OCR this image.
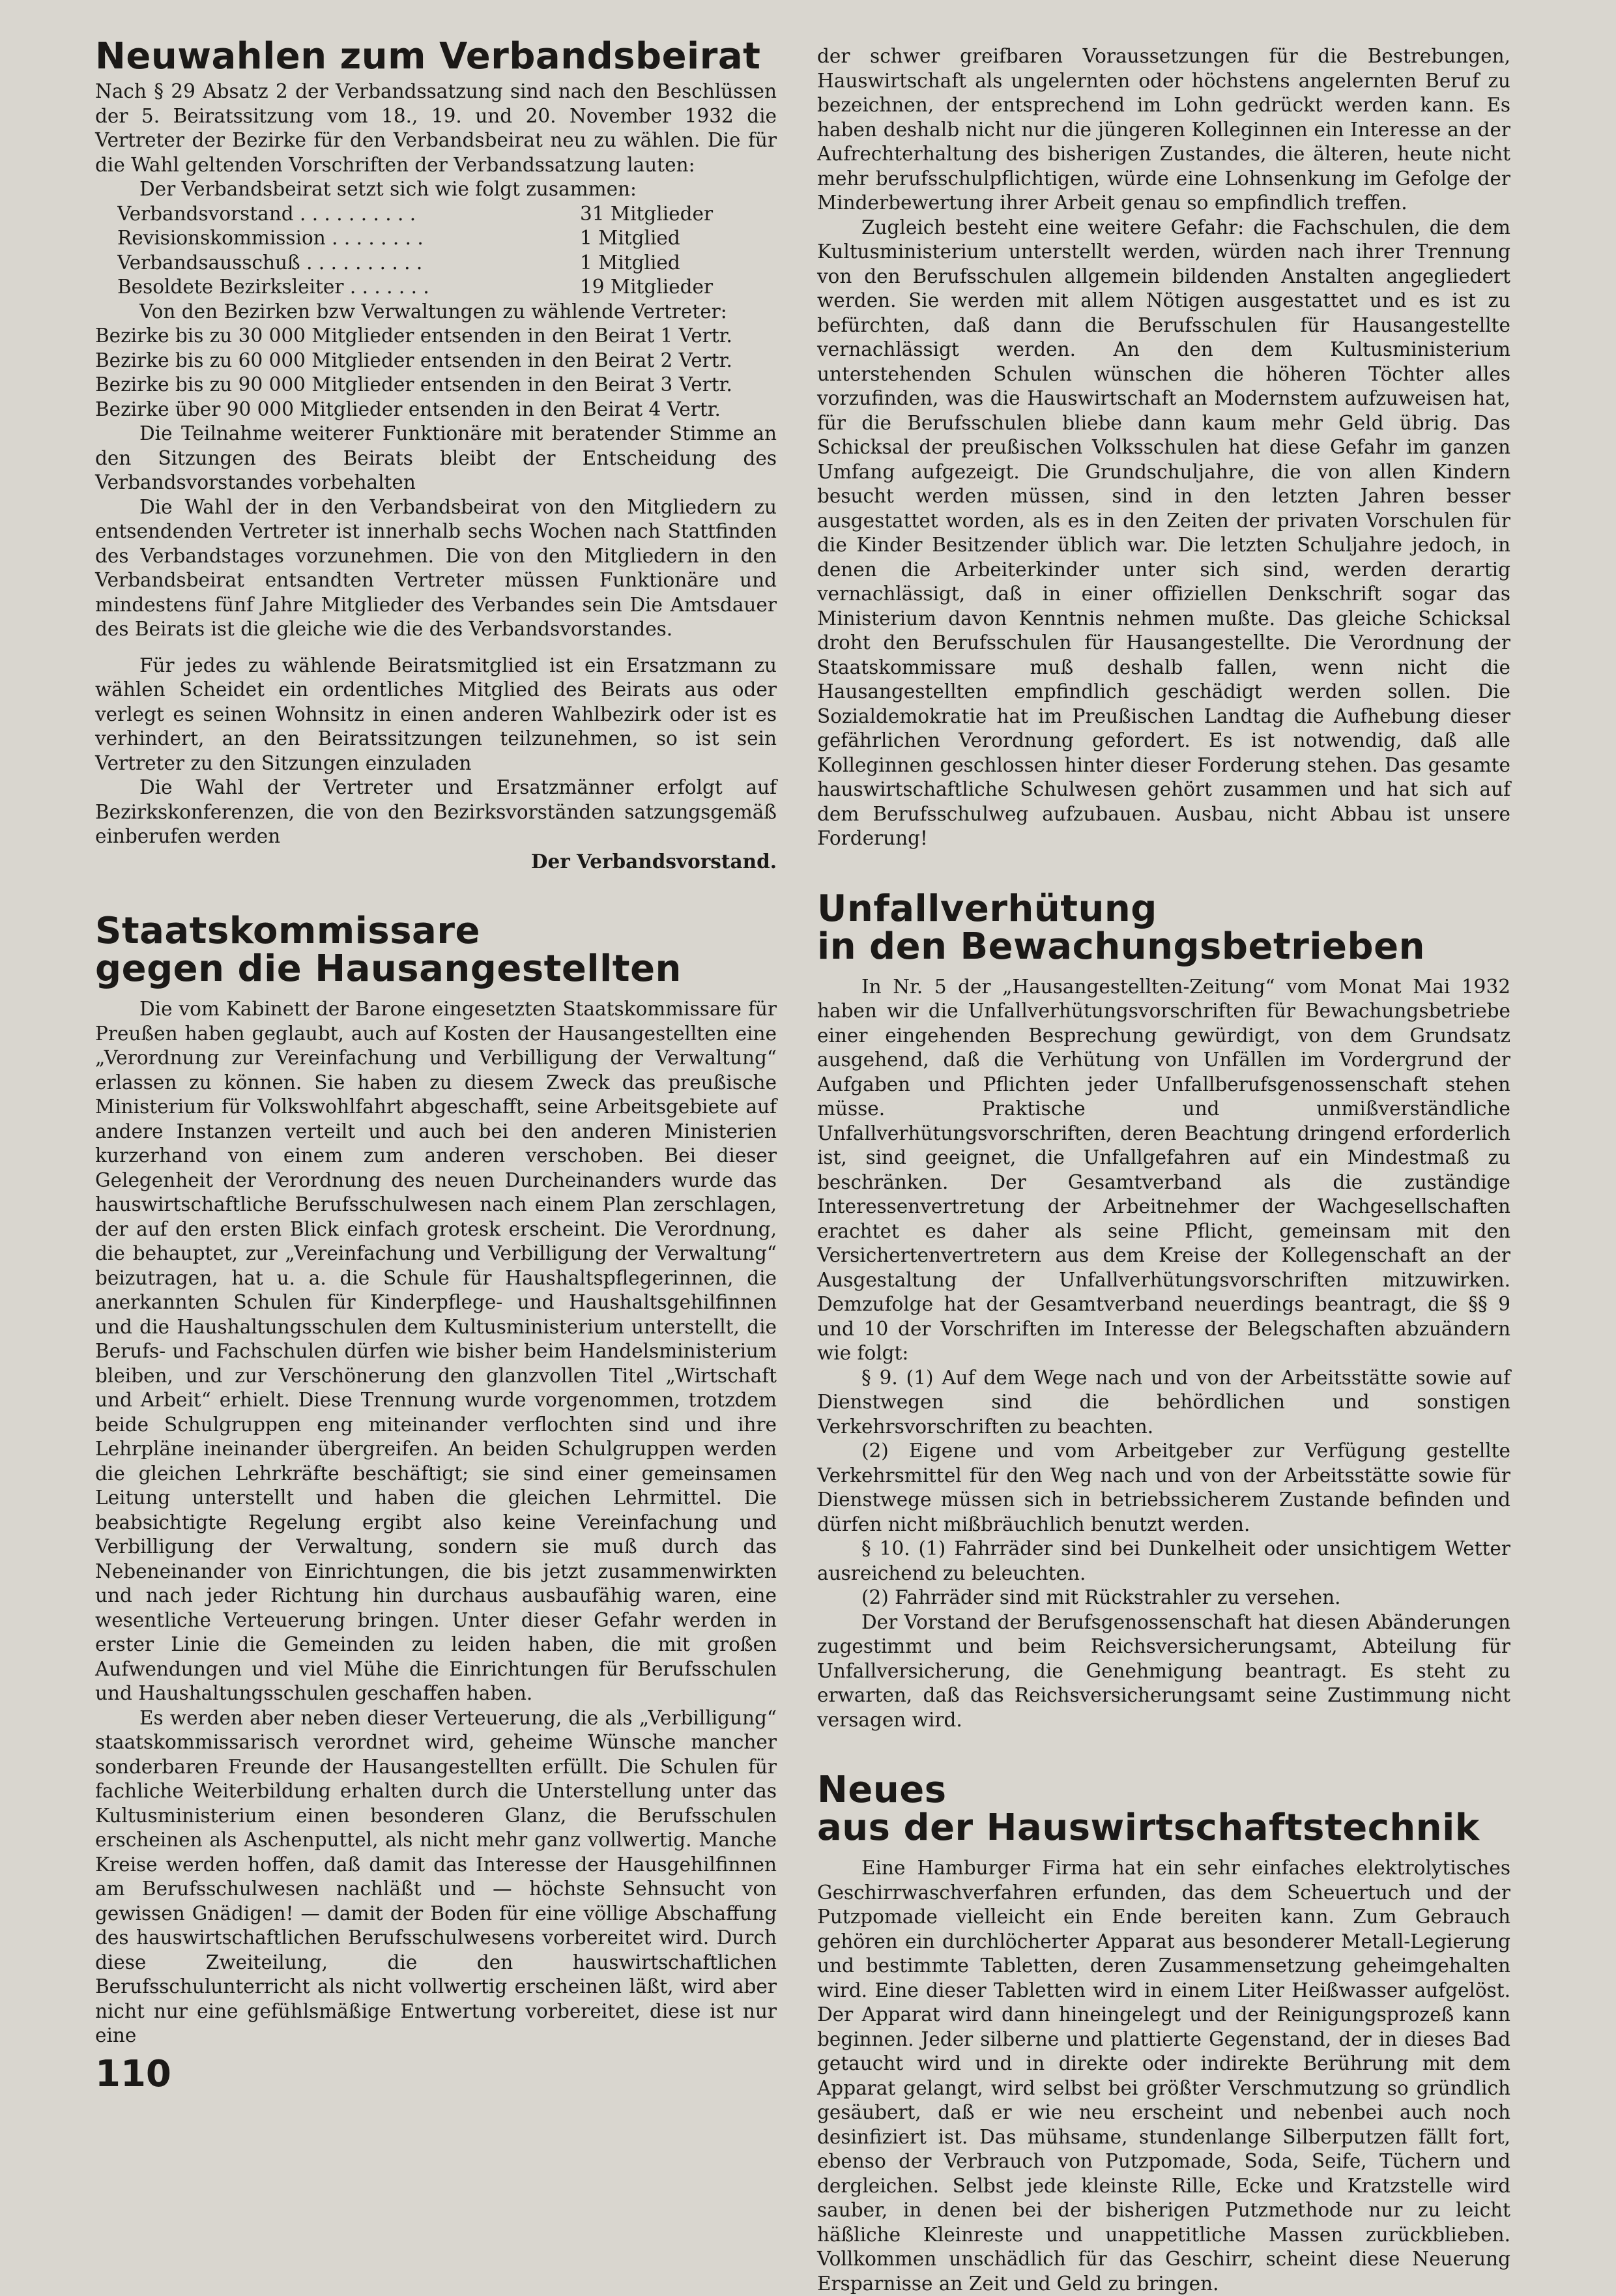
Neuwahlen zum Verbandsbeirat

Nach § 29 Absatz 2 der Verbandssatzung sind nach den Beschlüssen der 5. Beiratssitzung vom 18., 19. und 20. November 1932 die Vertreter der Bezirke für den Verbandsbeirat neu zu wählen. Die für die Wahl geltenden Vorschriften der Verbandssatzung lauten:

Der Verbandsbeirat setzt sich wie folgt zusammen:
Verbandsvorstand . . . . . . . . . .	31 Mitglieder
Revisionskommission . . . . . . . .	1 Mitglied
Verbandsausschuß . . . . . . . . . .	1 Mitglied
Besoldete Bezirksleiter . . . . . . .	19 Mitglieder
Von den Bezirken bzw Verwaltungen zu wählende Vertreter:
Bezirke bis zu 30 000 Mitglieder entsenden in den Beirat 1 Vertr.
Bezirke bis zu 60 000 Mitglieder entsenden in den Beirat 2 Vertr.
Bezirke bis zu 90 000 Mitglieder entsenden in den Beirat 3 Vertr.
Bezirke über 90 000 Mitglieder entsenden in den Beirat 4 Vertr.

Die Teilnahme weiterer Funktionäre mit beratender Stimme an den Sitzungen des Beirats bleibt der Entscheidung des Verbandsvorstandes vorbehalten

Die Wahl der in den Verbandsbeirat von den Mitgliedern zu entsendenden Vertreter ist innerhalb sechs Wochen nach Stattfinden des Verbandstages vorzunehmen. Die von den Mitgliedern in den Verbandsbeirat entsandten Vertreter müssen Funktionäre und mindestens fünf Jahre Mitglieder des Verbandes sein Die Amtsdauer des Beirats ist die gleiche wie die des Verbandsvorstandes.

Für jedes zu wählende Beiratsmitglied ist ein Ersatzmann zu wählen Scheidet ein ordentliches Mitglied des Beirats aus oder verlegt es seinen Wohnsitz in einen anderen Wahlbezirk oder ist es verhindert, an den Beiratssitzungen teilzunehmen, so ist sein Vertreter zu den Sitzungen einzuladen

Die Wahl der Vertreter und Ersatzmänner erfolgt auf Bezirkskonferenzen, die von den Bezirksvorständen satzungsgemäß einberufen werden

Der Verbandsvorstand.
Staatskommissare
gegen die Hausangestellten

Die vom Kabinett der Barone eingesetzten Staatskommissare für Preußen haben geglaubt, auch auf Kosten der Hausangestellten eine „Verordnung zur Vereinfachung und Verbilligung der Verwaltung“ erlassen zu können. Sie haben zu diesem Zweck das preußische Ministerium für Volkswohlfahrt abgeschafft, seine Arbeitsgebiete auf andere Instanzen verteilt und auch bei den anderen Ministerien kurzerhand von einem zum anderen verschoben. Bei dieser Gelegenheit der Verordnung des neuen Durcheinanders wurde das hauswirtschaftliche Berufsschulwesen nach einem Plan zerschlagen, der auf den ersten Blick einfach grotesk erscheint. Die Verordnung, die behauptet, zur „Vereinfachung und Verbilligung der Verwaltung“ beizutragen, hat u. a. die Schule für Haushaltspflegerinnen, die anerkannten Schulen für Kinderpflege- und Haushaltsgehilfinnen und die Haushaltungsschulen dem Kultusministerium unterstellt, die Berufs- und Fachschulen dürfen wie bisher beim Handelsministerium bleiben, und zur Verschönerung den glanzvollen Titel „Wirtschaft und Arbeit“ erhielt. Diese Trennung wurde vorgenommen, trotzdem beide Schulgruppen eng miteinander verflochten sind und ihre Lehrpläne ineinander übergreifen. An beiden Schulgruppen werden die gleichen Lehrkräfte beschäftigt; sie sind einer gemeinsamen Leitung unterstellt und haben die gleichen Lehrmittel. Die beabsichtigte Regelung ergibt also keine Vereinfachung und Verbilligung der Verwaltung, sondern sie muß durch das Nebeneinander von Einrichtungen, die bis jetzt zusammenwirkten und nach jeder Richtung hin durchaus ausbaufähig waren, eine wesentliche Verteuerung bringen. Unter dieser Gefahr werden in erster Linie die Gemeinden zu leiden haben, die mit großen Aufwendungen und viel Mühe die Einrichtungen für Berufsschulen und Haushaltungsschulen geschaffen haben.

Es werden aber neben dieser Verteuerung, die als „Verbilligung“ staatskommissarisch verordnet wird, geheime Wünsche mancher sonderbaren Freunde der Hausangestellten erfüllt. Die Schulen für fachliche Weiterbildung erhalten durch die Unterstellung unter das Kultusministerium einen besonderen Glanz, die Berufsschulen erscheinen als Aschenputtel, als nicht mehr ganz vollwertig. Manche Kreise werden hoffen, daß damit das Interesse der Hausgehilfinnen am Berufsschulwesen nachläßt und — höchste Sehnsucht von gewissen Gnädigen! — damit der Boden für eine völlige Abschaffung des hauswirtschaftlichen Berufsschulwesens vorbereitet wird. Durch diese Zweiteilung, die den hauswirtschaftlichen Berufsschulunterricht als nicht vollwertig erscheinen läßt, wird aber nicht nur eine gefühlsmäßige Entwertung vorbereitet, diese ist nur eine

der schwer greifbaren Voraussetzungen für die Bestrebungen, Hauswirtschaft als ungelernten oder höchstens angelernten Beruf zu bezeichnen, der entsprechend im Lohn gedrückt werden kann. Es haben deshalb nicht nur die jüngeren Kolleginnen ein Interesse an der Aufrechterhaltung des bisherigen Zustandes, die älteren, heute nicht mehr berufsschulpflichtigen, würde eine Lohnsenkung im Gefolge der Minderbewertung ihrer Arbeit genau so empfindlich treffen.

Zugleich besteht eine weitere Gefahr: die Fachschulen, die dem Kultusministerium unterstellt werden, würden nach ihrer Trennung von den Berufsschulen allgemein bildenden Anstalten angegliedert werden. Sie werden mit allem Nötigen ausgestattet und es ist zu befürchten, daß dann die Berufsschulen für Hausangestellte vernachlässigt werden. An den dem Kultusministerium unterstehenden Schulen wünschen die höheren Töchter alles vorzufinden, was die Hauswirtschaft an Modernstem aufzuweisen hat, für die Berufsschulen bliebe dann kaum mehr Geld übrig. Das Schicksal der preußischen Volksschulen hat diese Gefahr im ganzen Umfang aufgezeigt. Die Grundschuljahre, die von allen Kindern besucht werden müssen, sind in den letzten Jahren besser ausgestattet worden, als es in den Zeiten der privaten Vorschulen für die Kinder Besitzender üblich war. Die letzten Schuljahre jedoch, in denen die Arbeiterkinder unter sich sind, werden derartig vernachlässigt, daß in einer offiziellen Denkschrift sogar das Ministerium davon Kenntnis nehmen mußte. Das gleiche Schicksal droht den Berufsschulen für Hausangestellte. Die Verordnung der Staatskommissare muß deshalb fallen, wenn nicht die Hausangestellten empfindlich geschädigt werden sollen. Die Sozialdemokratie hat im Preußischen Landtag die Aufhebung dieser gefährlichen Verordnung gefordert. Es ist notwendig, daß alle Kolleginnen geschlossen hinter dieser Forderung stehen. Das gesamte hauswirtschaftliche Schulwesen gehört zusammen und hat sich auf dem Berufsschulweg aufzubauen. Ausbau, nicht Abbau ist unsere Forderung!

Unfallverhütung
in den Bewachungsbetrieben

In Nr. 5 der „Hausangestellten-Zeitung“ vom Monat Mai 1932 haben wir die Unfallverhütungsvorschriften für Bewachungsbetriebe einer eingehenden Besprechung gewürdigt, von dem Grundsatz ausgehend, daß die Verhütung von Unfällen im Vordergrund der Aufgaben und Pflichten jeder Unfallberufsgenossenschaft stehen müsse. Praktische und unmißverständliche Unfallverhütungsvorschriften, deren Beachtung dringend erforderlich ist, sind geeignet, die Unfallgefahren auf ein Mindestmaß zu beschränken. Der Gesamtverband als die zuständige Interessenvertretung der Arbeitnehmer der Wachgesellschaften erachtet es daher als seine Pflicht, gemeinsam mit den Versichertenvertretern aus dem Kreise der Kollegenschaft an der Ausgestaltung der Unfallverhütungsvorschriften mitzuwirken. Demzufolge hat der Gesamtverband neuerdings beantragt, die §§ 9 und 10 der Vorschriften im Interesse der Belegschaften abzuändern wie folgt:

§ 9. (1) Auf dem Wege nach und von der Arbeitsstätte sowie auf Dienstwegen sind die behördlichen und sonstigen Verkehrsvorschriften zu beachten.

(2) Eigene und vom Arbeitgeber zur Verfügung gestellte Verkehrsmittel für den Weg nach und von der Arbeitsstätte sowie für Dienstwege müssen sich in betriebssicherem Zustande befinden und dürfen nicht mißbräuchlich benutzt werden.

§ 10. (1) Fahrräder sind bei Dunkelheit oder unsichtigem Wetter ausreichend zu beleuchten.

(2) Fahrräder sind mit Rückstrahler zu versehen.

Der Vorstand der Berufsgenossenschaft hat diesen Abänderungen zugestimmt und beim Reichsversicherungsamt, Abteilung für Unfallversicherung, die Genehmigung beantragt. Es steht zu erwarten, daß das Reichsversicherungsamt seine Zustimmung nicht versagen wird.

Neues
aus der Hauswirtschaftstechnik

Eine Hamburger Firma hat ein sehr einfaches elektrolytisches Geschirrwaschverfahren erfunden, das dem Scheuertuch und der Putzpomade vielleicht ein Ende bereiten kann. Zum Gebrauch gehören ein durchlöcherter Apparat aus besonderer Metall-Legierung und bestimmte Tabletten, deren Zusammensetzung geheimgehalten wird. Eine dieser Tabletten wird in einem Liter Heißwasser aufgelöst. Der Apparat wird dann hineingelegt und der Reinigungsprozeß kann beginnen. Jeder silberne und plattierte Gegenstand, der in dieses Bad getaucht wird und in direkte oder indirekte Berührung mit dem Apparat gelangt, wird selbst bei größter Verschmutzung so gründlich gesäubert, daß er wie neu erscheint und nebenbei auch noch desinfiziert ist. Das mühsame, stundenlange Silberputzen fällt fort, ebenso der Verbrauch von Putzpomade, Soda, Seife, Tüchern und dergleichen. Selbst jede kleinste Rille, Ecke und Kratzstelle wird sauber, in denen bei der bisherigen Putzmethode nur zu leicht häßliche Kleinreste und unappetitliche Massen zurückblieben. Vollkommen unschädlich für das Geschirr, scheint diese Neuerung Ersparnisse an Zeit und Geld zu bringen.

110
